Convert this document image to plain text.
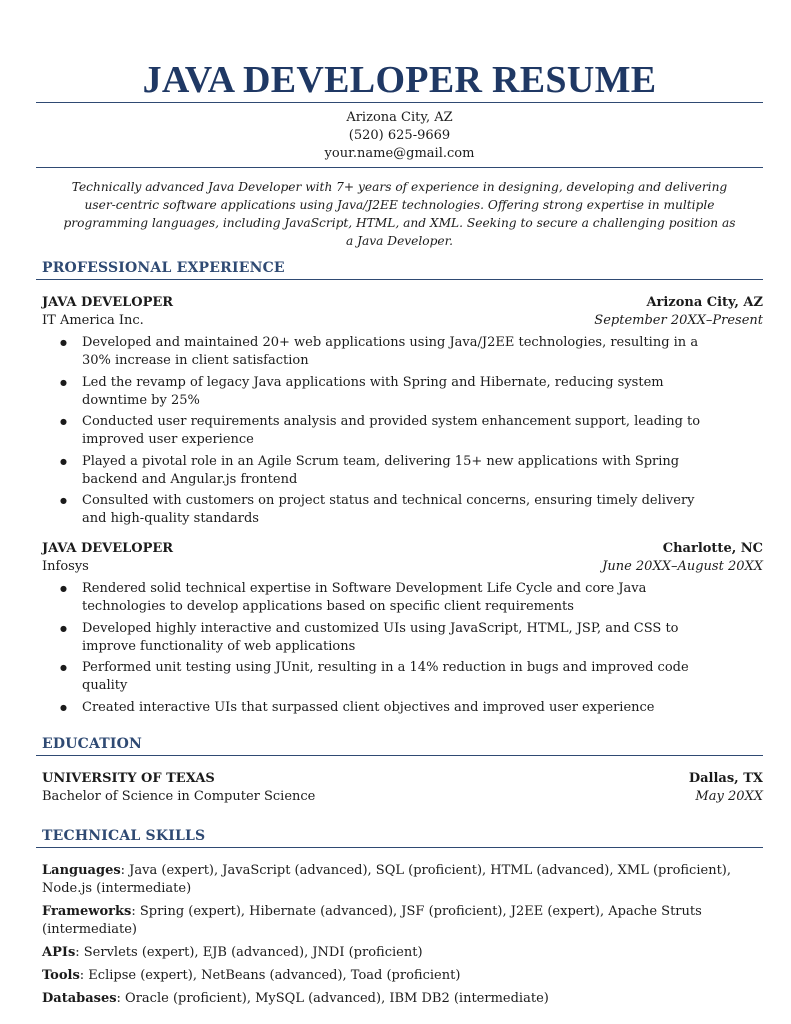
JAVA DEVELOPER RESUME
Arizona City, AZ
(520) 625-9669
your.name@gmail.com

Technically advanced Java Developer with 7+ years of experience in designing, developing and delivering user-centric software applications using Java/J2EE technologies. Offering strong expertise in multiple programming languages, including JavaScript, HTML, and XML. Seeking to secure a challenging position as a Java Developer.

PROFESSIONAL EXPERIENCE
JAVA DEVELOPER	Arizona City, AZ
IT America Inc.	September 20XX–Present
● Developed and maintained 20+ web applications using Java/J2EE technologies, resulting in a 30% increase in client satisfaction
● Led the revamp of legacy Java applications with Spring and Hibernate, reducing system downtime by 25%
● Conducted user requirements analysis and provided system enhancement support, leading to improved user experience
● Played a pivotal role in an Agile Scrum team, delivering 15+ new applications with Spring backend and Angular.js frontend
● Consulted with customers on project status and technical concerns, ensuring timely delivery and high-quality standards
JAVA DEVELOPER	Charlotte, NC
Infosys	June 20XX–August 20XX
● Rendered solid technical expertise in Software Development Life Cycle and core Java technologies to develop applications based on specific client requirements
● Developed highly interactive and customized UIs using JavaScript, HTML, JSP, and CSS to improve functionality of web applications
● Performed unit testing using JUnit, resulting in a 14% reduction in bugs and improved code quality
● Created interactive UIs that surpassed client objectives and improved user experience
EDUCATION
UNIVERSITY OF TEXAS	Dallas, TX
Bachelor of Science in Computer Science	May 20XX
TECHNICAL SKILLS
Languages: Java (expert), JavaScript (advanced), SQL (proficient), HTML (advanced), XML (proficient), Node.js (intermediate)
Frameworks: Spring (expert), Hibernate (advanced), JSF (proficient), J2EE (expert), Apache Struts (intermediate)
APIs: Servlets (expert), EJB (advanced), JNDI (proficient)
Tools: Eclipse (expert), NetBeans (advanced), Toad (proficient)
Databases: Oracle (proficient), MySQL (advanced), IBM DB2 (intermediate)
